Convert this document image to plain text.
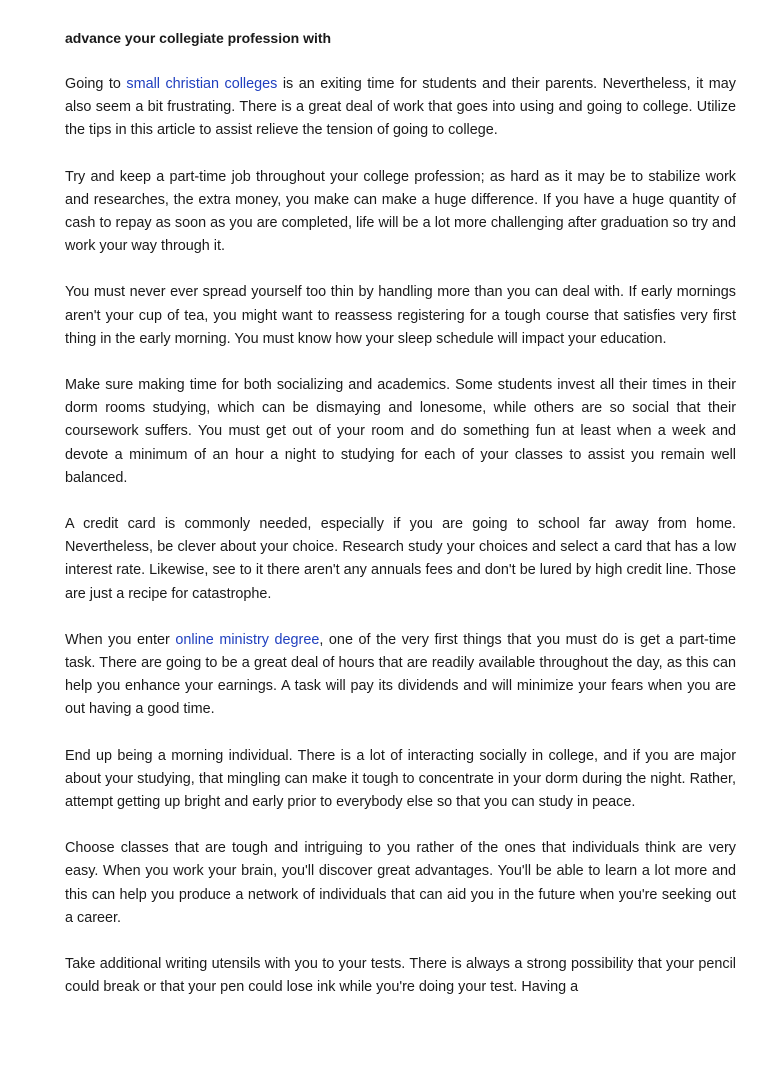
advance your collegiate profession with

Going to small christian colleges is an exiting time for students and their parents. Nevertheless, it may also seem a bit frustrating. There is a great deal of work that goes into using and going to college. Utilize the tips in this article to assist relieve the tension of going to college.

Try and keep a part-time job throughout your college profession; as hard as it may be to stabilize work and researches, the extra money, you make can make a huge difference. If you have a huge quantity of cash to repay as soon as you are completed, life will be a lot more challenging after graduation so try and work your way through it.

You must never ever spread yourself too thin by handling more than you can deal with. If early mornings aren't your cup of tea, you might want to reassess registering for a tough course that satisfies very first thing in the early morning. You must know how your sleep schedule will impact your education.

Make sure making time for both socializing and academics. Some students invest all their times in their dorm rooms studying, which can be dismaying and lonesome, while others are so social that their coursework suffers. You must get out of your room and do something fun at least when a week and devote a minimum of an hour a night to studying for each of your classes to assist you remain well balanced.

A credit card is commonly needed, especially if you are going to school far away from home. Nevertheless, be clever about your choice. Research study your choices and select a card that has a low interest rate. Likewise, see to it there aren't any annuals fees and don't be lured by high credit line. Those are just a recipe for catastrophe.

When you enter online ministry degree, one of the very first things that you must do is get a part-time task. There are going to be a great deal of hours that are readily available throughout the day, as this can help you enhance your earnings. A task will pay its dividends and will minimize your fears when you are out having a good time.

End up being a morning individual. There is a lot of interacting socially in college, and if you are major about your studying, that mingling can make it tough to concentrate in your dorm during the night. Rather, attempt getting up bright and early prior to everybody else so that you can study in peace.

Choose classes that are tough and intriguing to you rather of the ones that individuals think are very easy. When you work your brain, you'll discover great advantages. You'll be able to learn a lot more and this can help you produce a network of individuals that can aid you in the future when you're seeking out a career.

Take additional writing utensils with you to your tests. There is always a strong possibility that your pencil could break or that your pen could lose ink while you're doing your test. Having a
